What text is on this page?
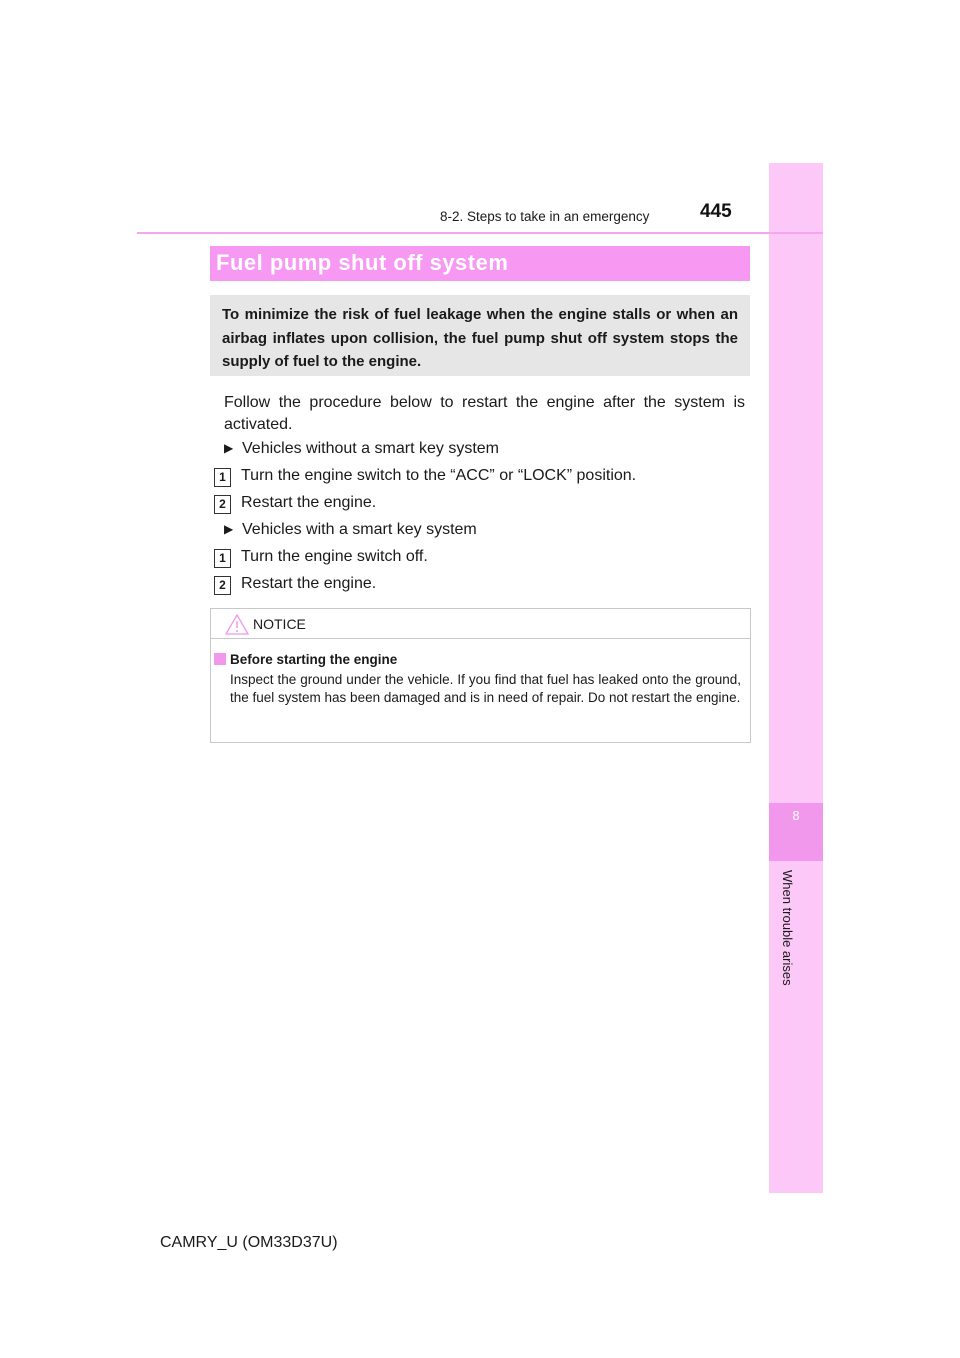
8
When trouble arises
8-2. Steps to take in an emergency	445
Fuel pump shut off system
To minimize the risk of fuel leakage when the engine stalls or when an airbag inflates upon collision, the fuel pump shut off system stops the supply of fuel to the engine.
Follow the procedure below to restart the engine after the system is activated.
▶ Vehicles without a smart key system
1 Turn the engine switch to the “ACC” or “LOCK” position.
2 Restart the engine.
▶ Vehicles with a smart key system
1 Turn the engine switch off.
2 Restart the engine.
NOTICE
Before starting the engine
Inspect the ground under the vehicle. If you find that fuel has leaked onto the ground, the fuel system has been damaged and is in need of repair. Do not restart the engine.
CAMRY_U (OM33D37U)
